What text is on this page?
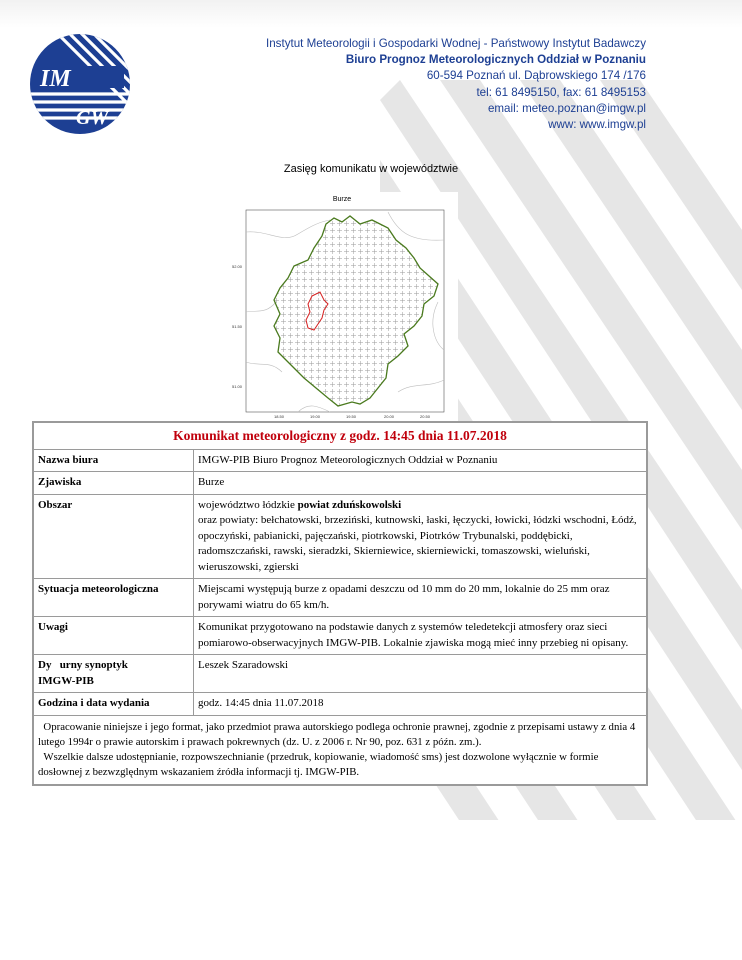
IM
GW
Instytut Meteorologii i Gospodarki Wodnej - Państwowy Instytut Badawczy
Biuro Prognoz Meteorologicznych Oddział w Poznaniu
60-594 Poznań ul. Dąbrowskiego 174 /176
tel: 61 8495150, fax: 61 8495153
email: meteo.poznan@imgw.pl
www: www.imgw.pl
Zasięg komunikatu w województwie
Burze
52.00
51.50
51.00
18.50	19.00	19.50	20.00	20.50
Komunikat meteorologiczny z godz. 14:45 dnia 11.07.2018	
Nazwa biura	IMGW-PIB Biuro Prognoz Meteorologicznych Oddział w Poznaniu
Zjawiska	Burze
Obszar	województwo łódzkie powiat zduńskowolski
oraz powiaty: bełchatowski, brzeziński, kutnowski, łaski, łęczycki, łowicki, łódzki wschodni, Łódź, opoczyński, pabianicki, pajęczański, piotrkowski, Piotrków Trybunalski, poddębicki, radomszczański, rawski, sieradzki, Skierniewice, skierniewicki, tomaszowski, wieluński, wieruszowski, zgierski
Sytuacja meteorologiczna	Miejscami występują burze z opadami deszczu od 10 mm do 20 mm, lokalnie do 25 mm oraz porywami wiatru do 65 km/h.
Uwagi	Komunikat przygotowano na podstawie danych z systemów teledetekcji atmosfery oraz sieci pomiarowo-obserwacyjnych IMGW-PIB. Lokalnie zjawiska mogą mieć inny przebieg ni opisany.
Dy   urny synoptyk
IMGW-PIB	Leszek Szaradowski
Godzina i data wydania	godz. 14:45 dnia 11.07.2018
Opracowanie niniejsze i jego format, jako przedmiot prawa autorskiego podlega ochronie prawnej, zgodnie z przepisami ustawy z dnia 4 lutego 1994r o prawie autorskim i prawach pokrewnych (dz. U. z 2006 r. Nr 90, poz. 631 z późn. zm.).
Wszelkie dalsze udostępnianie, rozpowszechnianie (przedruk, kopiowanie, wiadomość sms) jest dozwolone wyłącznie w formie dosłownej z bezwzględnym wskazaniem źródła informacji tj. IMGW-PIB.	
